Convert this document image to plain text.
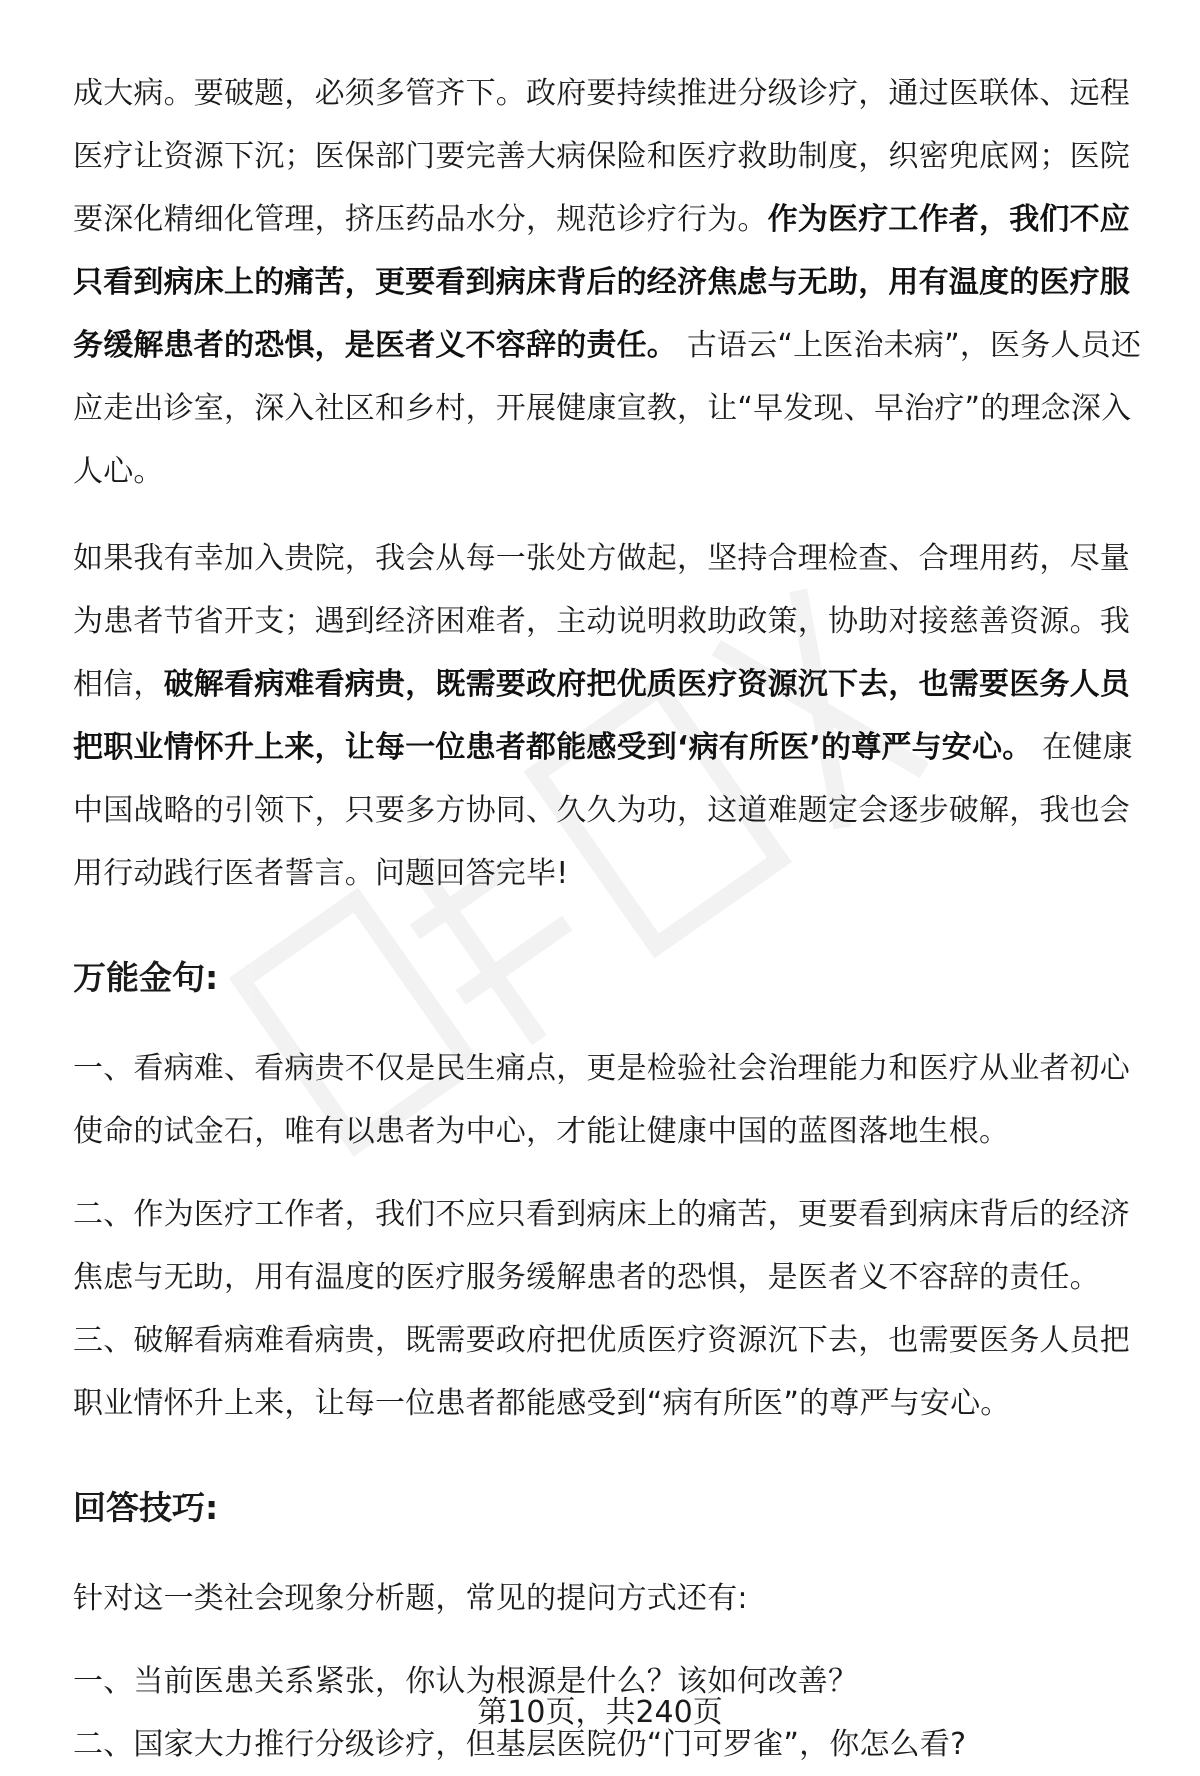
成大病。要破题，必须多管齐下。政府要持续推进分级诊疗，通过医联体、远程医疗让资源下沉；医保部门要完善大病保险和医疗救助制度，织密兜底网；医院要深化精细化管理，挤压药品水分，规范诊疗行为。作为医疗工作者，我们不应只看到病床上的痛苦，更要看到病床背后的经济焦虑与无助，用有温度的医疗服务缓解患者的恐惧，是医者义不容辞的责任。 古语云“上医治未病”，医务人员还应走出诊室，深入社区和乡村，开展健康宣教，让“早发现、早治疗”的理念深入人心。

如果我有幸加入贵院，我会从每一张处方做起，坚持合理检查、合理用药，尽量为患者节省开支；遇到经济困难者，主动说明救助政策，协助对接慈善资源。我相信，破解看病难看病贵，既需要政府把优质医疗资源沉下去，也需要医务人员把职业情怀升上来，让每一位患者都能感受到‘病有所医’的尊严与安心。 在健康中国战略的引领下，只要多方协同、久久为功，这道难题定会逐步破解，我也会用行动践行医者誓言。问题回答完毕!

万能金句:

一、看病难、看病贵不仅是民生痛点，更是检验社会治理能力和医疗从业者初心使命的试金石，唯有以患者为中心，才能让健康中国的蓝图落地生根。

二、作为医疗工作者，我们不应只看到病床上的痛苦，更要看到病床背后的经济焦虑与无助，用有温度的医疗服务缓解患者的恐惧，是医者义不容辞的责任。

三、破解看病难看病贵，既需要政府把优质医疗资源沉下去，也需要医务人员把职业情怀升上来，让每一位患者都能感受到“病有所医”的尊严与安心。

回答技巧:

针对这一类社会现象分析题，常见的提问方式还有:

一、当前医患关系紧张，你认为根源是什么？该如何改善？

二、国家大力推行分级诊疗，但基层医院仍“门可罗雀”，你怎么看?

第10页，共240页
